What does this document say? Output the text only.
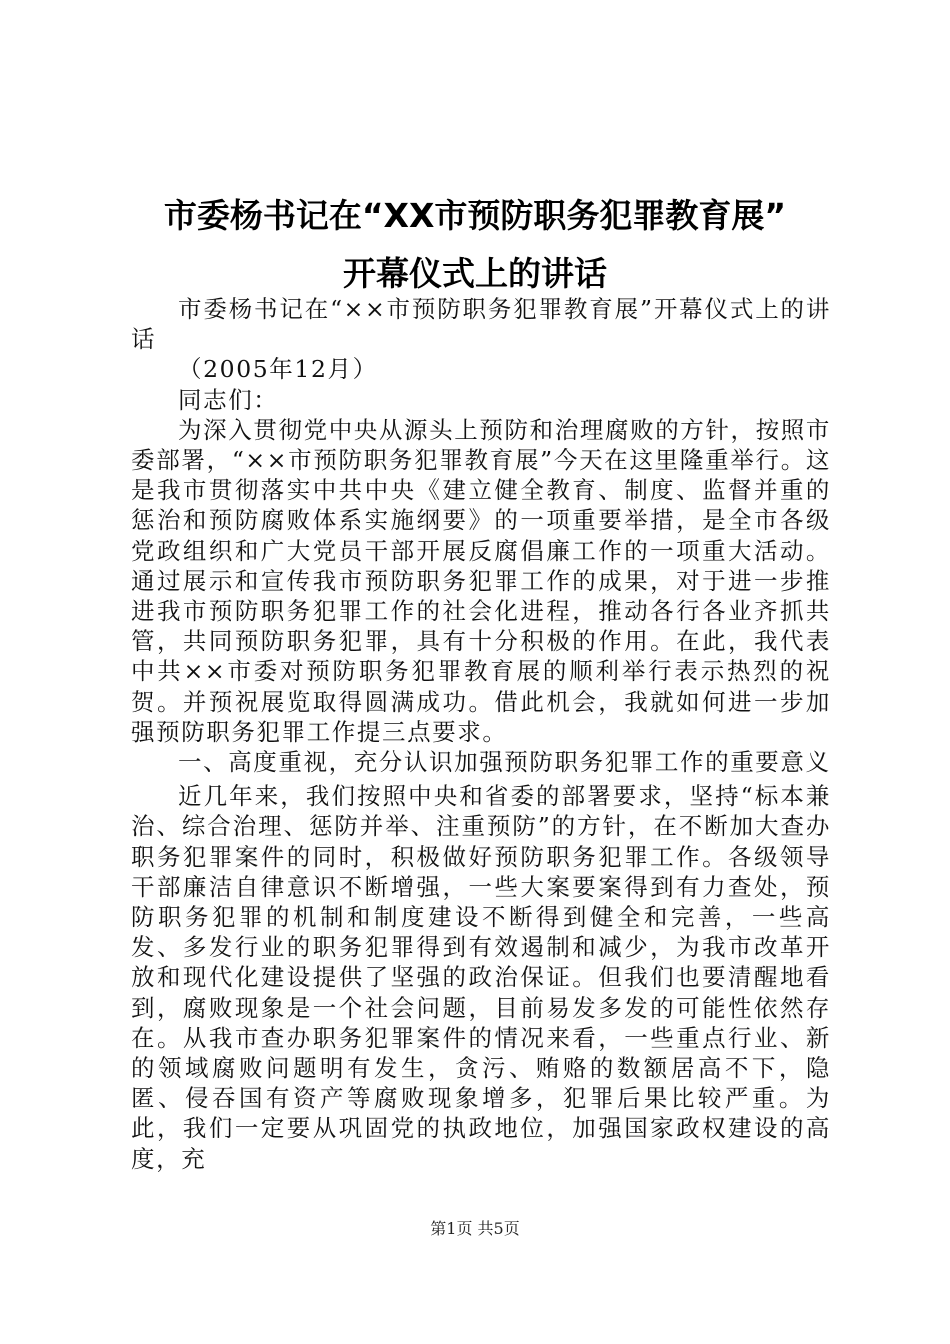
市委杨书记在“XX市预防职务犯罪教育展”
开幕仪式上的讲话

市委杨书记在“××市预防职务犯罪教育展”开幕仪式上的讲话

（2005年12月）

同志们：

为深入贯彻党中央从源头上预防和治理腐败的方针，按照市委部署，“××市预防职务犯罪教育展”今天在这里隆重举行。这是我市贯彻落实中共中央《建立健全教育、制度、监督并重的惩治和预防腐败体系实施纲要》的一项重要举措，是全市各级党政组织和广大党员干部开展反腐倡廉工作的一项重大活动。通过展示和宣传我市预防职务犯罪工作的成果，对于进一步推进我市预防职务犯罪工作的社会化进程，推动各行各业齐抓共管，共同预防职务犯罪，具有十分积极的作用。在此，我代表中共××市委对预防职务犯罪教育展的顺利举行表示热烈的祝贺。并预祝展览取得圆满成功。借此机会，我就如何进一步加强预防职务犯罪工作提三点要求。

一、高度重视，充分认识加强预防职务犯罪工作的重要意义

近几年来，我们按照中央和省委的部署要求，坚持“标本兼治、综合治理、惩防并举、注重预防”的方针，在不断加大查办职务犯罪案件的同时，积极做好预防职务犯罪工作。各级领导干部廉洁自律意识不断增强，一些大案要案得到有力查处，预防职务犯罪的机制和制度建设不断得到健全和完善，一些高发、多发行业的职务犯罪得到有效遏制和减少，为我市改革开放和现代化建设提供了坚强的政治保证。但我们也要清醒地看到，腐败现象是一个社会问题，目前易发多发的可能性依然存在。从我市查办职务犯罪案件的情况来看，一些重点行业、新的领域腐败问题明有发生，贪污、贿赂的数额居高不下，隐匿、侵吞国有资产等腐败现象增多，犯罪后果比较严重。为此，我们一定要从巩固党的执政地位，加强国家政权建设的高度，充

第1页 共5页
